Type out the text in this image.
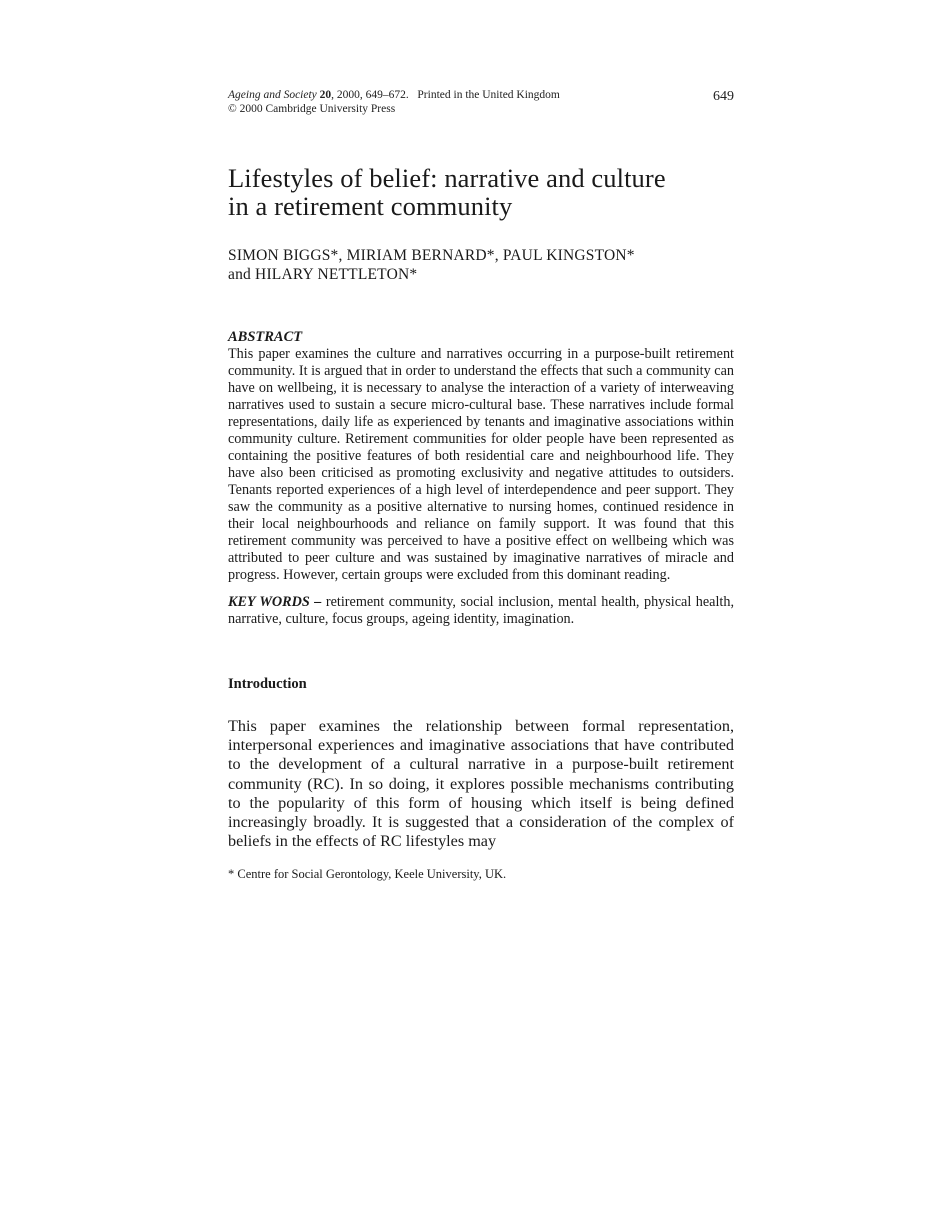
Ageing and Society 20, 2000, 649–672. Printed in the United Kingdom
© 2000 Cambridge University Press
649
Lifestyles of belief: narrative and culture
in a retirement community
SIMON BIGGS*, MIRIAM BERNARD*, PAUL KINGSTON*
and HILARY NETTLETON*
ABSTRACT

This paper examines the culture and narratives occurring in a purpose-built retirement community. It is argued that in order to understand the effects that such a community can have on wellbeing, it is necessary to analyse the interaction of a variety of interweaving narratives used to sustain a secure micro-cultural base. These narratives include formal representations, daily life as experienced by tenants and imaginative associations within community culture. Retirement communities for older people have been represented as containing the positive features of both residential care and neighbourhood life. They have also been criticised as promoting exclusivity and negative attitudes to outsiders. Tenants reported experiences of a high level of interdependence and peer support. They saw the community as a positive alternative to nursing homes, continued residence in their local neighbourhoods and reliance on family support. It was found that this retirement community was perceived to have a positive effect on wellbeing which was attributed to peer culture and was sustained by imaginative narratives of miracle and progress. However, certain groups were excluded from this dominant reading.

KEY WORDS – retirement community, social inclusion, mental health, physical health, narrative, culture, focus groups, ageing identity, imagination.
Introduction
This paper examines the relationship between formal representation, interpersonal experiences and imaginative associations that have contributed to the development of a cultural narrative in a purpose-built retirement community (RC). In so doing, it explores possible mechanisms contributing to the popularity of this form of housing which itself is being defined increasingly broadly. It is suggested that a consideration of the complex of beliefs in the effects of RC lifestyles may
* Centre for Social Gerontology, Keele University, UK.
